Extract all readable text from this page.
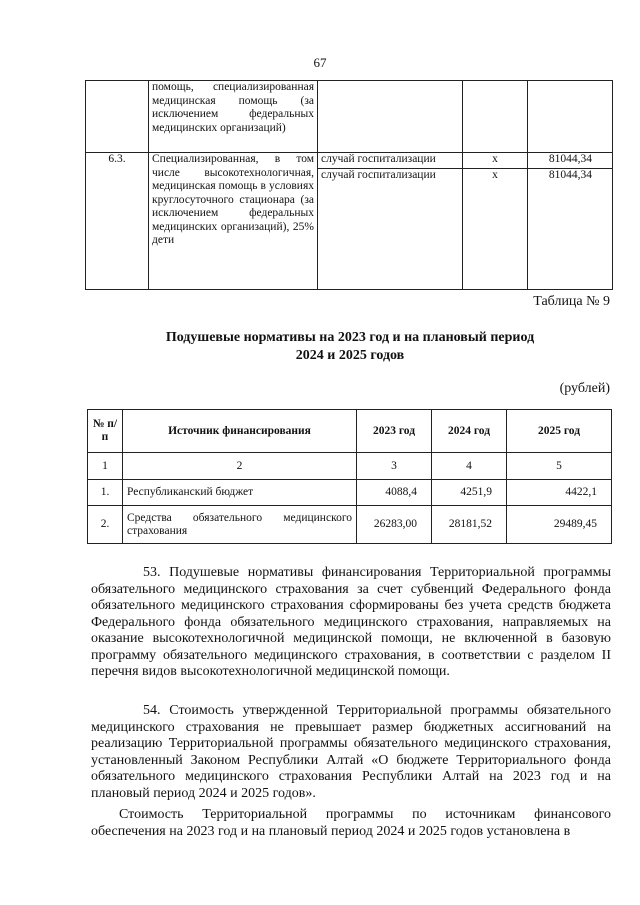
67
	помощь, специализированная медицинская помощь (за исключением федеральных медицинских организаций)			
6.3.	Специализированная, в том числе высокотехнологичная, медицинская помощь в условиях круглосуточного стационара (за исключением федеральных медицинских организаций), 25% дети	случай госпитализации	х	81044,34
		случай госпитализации	х	81044,34
Таблица № 9
Подушевые нормативы на 2023 год и на плановый период
2024 и 2025 годов
(рублей)
№ п/п	Источник финансирования	2023 год	2024 год	2025 год
1	2	3	4	5
1.	Республиканский бюджет	4088,4	4251,9	4422,1
2.	Средства обязательного медицинского страхования	26283,00	28181,52	29489,45
53. Подушевые нормативы финансирования Территориальной программы обязательного медицинского страхования за счет субвенций Федерального фонда обязательного медицинского страхования сформированы без учета средств бюджета Федерального фонда обязательного медицинского страхования, направляемых на оказание высокотехнологичной медицинской помощи, не включенной в базовую программу обязательного медицинского страхования, в соответствии с разделом II перечня видов высокотехнологичной медицинской помощи.
54. Стоимость утвержденной Территориальной программы обязательного медицинского страхования не превышает размер бюджетных ассигнований на реализацию Территориальной программы обязательного медицинского страхования, установленный Законом Республики Алтай «О бюджете Территориального фонда обязательного медицинского страхования Республики Алтай на 2023 год и на плановый период 2024 и 2025 годов».
Стоимость Территориальной программы по источникам финансового обеспечения на 2023 год и на плановый период 2024 и 2025 годов установлена в
